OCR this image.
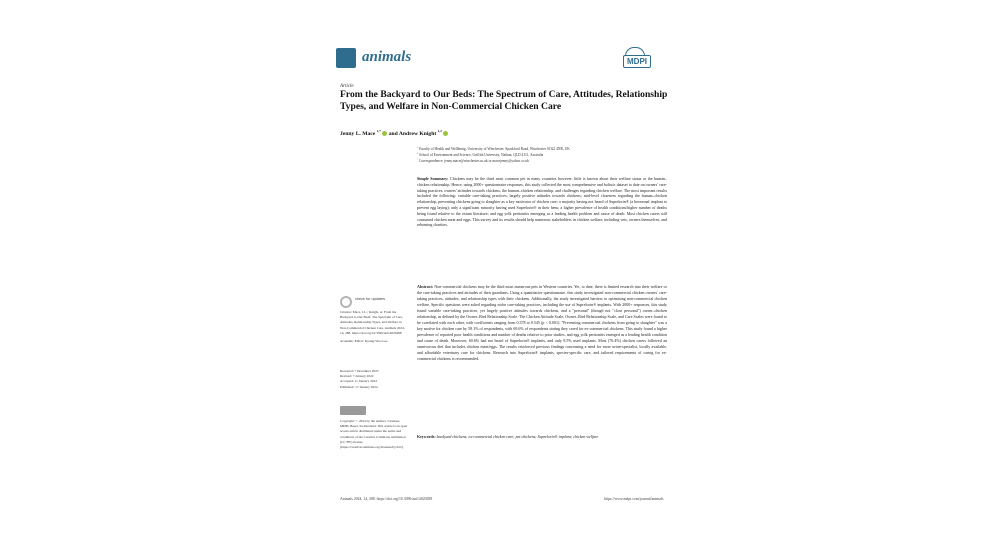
animals	MDPI
Article
From the Backyard to Our Beds: The Spectrum of Care, Attitudes, Relationship Types, and Welfare in Non-Commercial Chicken Care
Jenny L. Mace $^{1,*}$ and Andrew Knight $^{1,2}$
$^1$ Faculty of Health and Wellbeing, University of Winchester, Sparkford Road, Winchester SO22 4NR, UK
$^2$ School of Environment and Science, Griffith University, Nathan, QLD 4111, Australia
* Correspondence: jenny.mace@winchester.ac.uk or macejenny@yahoo.co.uk
Simple Summary: Chickens may be the third most common pet in many countries however, little is known about their welfare status or the human–chicken relationship. Hence, using 2000+ questionnaire responses, this study collected the most comprehensive and holistic dataset to date on owners' care-taking practices, owners' attitudes towards chickens, the human–chicken relationship, and challenges regarding chicken welfare. The most important results included the following: variable care-taking practices; largely positive attitudes towards chickens; mid-level closeness regarding the human–chicken relationship; preventing chickens going to slaughter as a key motivator of chicken care; a majority having not heard of Suprelorin® (a hormonal implant to prevent egg laying); only a significant minority having used Suprelorin® in their hens; a higher prevalence of health conditions/higher number of deaths being found relative to the extant literature; and egg yolk peritonitis emerging as a leading health problem and cause of death. Most chicken carers still consumed chicken meat and eggs. This survey and its results should help numerous stakeholders in chicken welfare, including vets, owners themselves, and rehoming charities.
Abstract: Non-commercial chickens may be the third most numerous pets in Western countries. Yet, to date, there is limited research into their welfare or the care-taking practices and attitudes of their guardians. Using a quantitative questionnaire, this study investigated non-commercial chicken owners' care-taking practices, attitudes, and relationship types with their chickens. Additionally, the study investigated barriers to optimising non-commercial chicken welfare. Specific questions were asked regarding niche care-taking practices, including the use of Suprelorin® implants. With 2000+ responses, this study found variable care-taking practices, yet largely positive attitudes towards chickens, and a "personal" (though not "close personal") owner–chicken relationship, as defined by the Owner–Bird Relationship Scale. The Chicken Attitude Scale, Owner–Bird Relationship Scale, and Care Scales were found to be correlated with each other, with coefficients ranging from 0.378 to 0.545 (p < 0.001). "Preventing commercial chickens from going to slaughter" was a key motive for chicken care by 58.1% of respondents, with 69.6% of respondents stating they cared for ex-commercial chickens. This study found a higher prevalence of reported poor health conditions and number of deaths relative to prior studies, and egg yolk peritonitis emerged as a leading health condition and cause of death. Moreover, 60.6% had not heard of Suprelorin® implants, and only 8.5% used implants. Most (76.4%) chicken carers followed an omnivorous diet that includes chicken meat/eggs. The results reinforced previous findings concerning a need for more avian-specialist, locally available, and affordable veterinary care for chickens. Research into Suprelorin® implants, species-specific care, and tailored requirements of caring for ex-commercial chickens is recommended.
Keywords: backyard chickens; ex-commercial chicken care; pet chickens; Suprelorin® implant; chicken welfare
check for updates
Citation: Mace, J.L.; Knight, A. From the Backyard to Our Beds: The Spectrum of Care, Attitudes, Relationship Types, and Welfare in Non-Commercial Chicken Care. Animals 2024, 14, 288. https://doi.org/10.3390/ani14020288
Academic Editor: Kyung-Woo Lee
Received: 7 December 2023
Revised: 7 January 2024
Accepted: 11 January 2024
Published: 17 January 2024
Copyright: © 2024 by the authors. Licensee MDPI, Basel, Switzerland. This article is an open access article distributed under the terms and conditions of the Creative Commons Attribution (CC BY) license (https://creativecommons.org/licenses/by/4.0/).
Animals 2024, 14, 288. https://doi.org/10.3390/ani14020288	https://www.mdpi.com/journal/animals
